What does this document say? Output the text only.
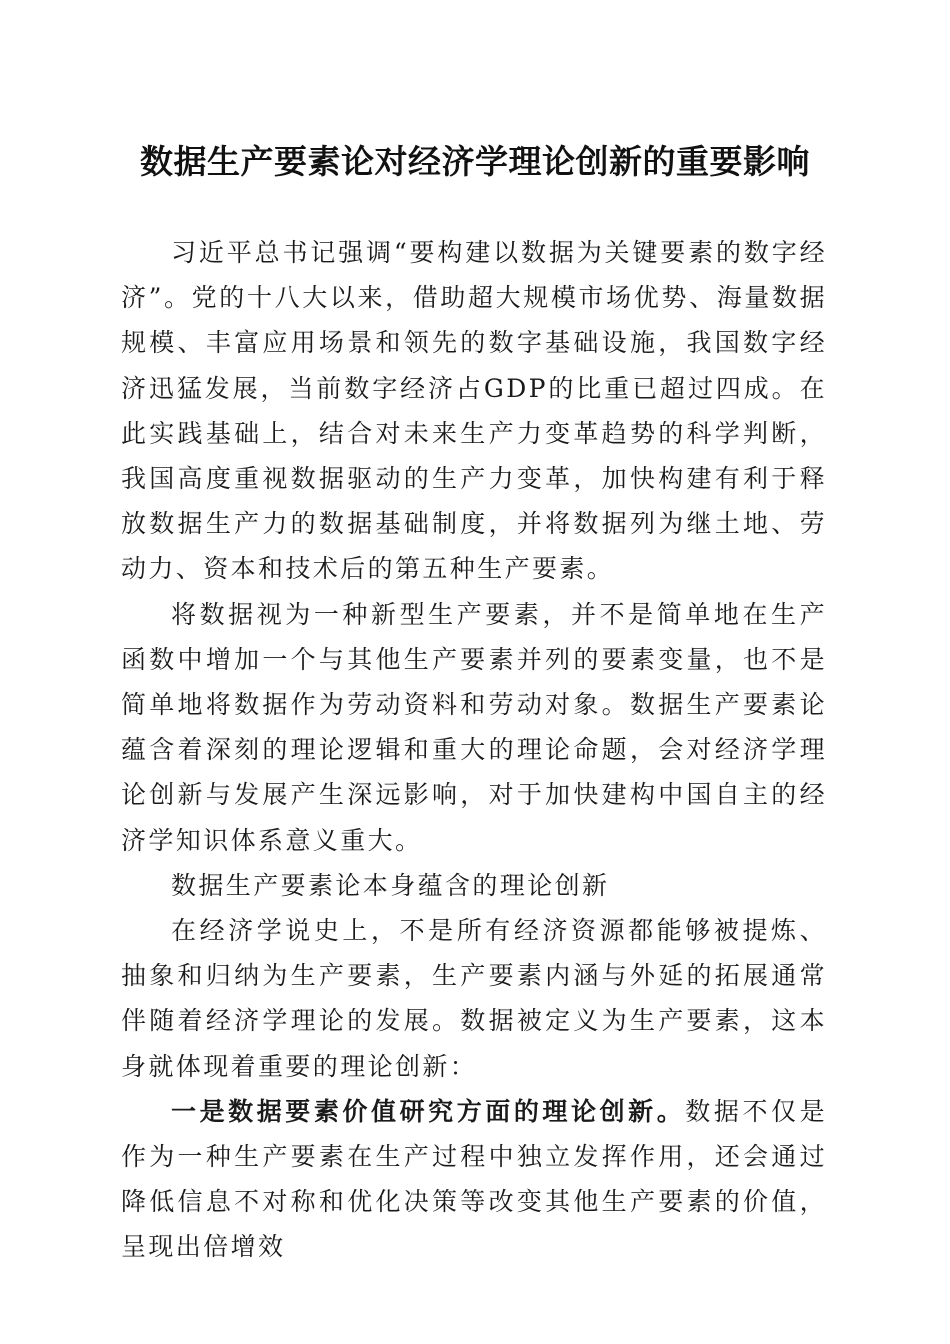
数据生产要素论对经济学理论创新的重要影响

习近平总书记强调“要构建以数据为关键要素的数字经济”。党的十八大以来，借助超大规模市场优势、海量数据规模、丰富应用场景和领先的数字基础设施，我国数字经济迅猛发展，当前数字经济占GDP的比重已超过四成。在此实践基础上，结合对未来生产力变革趋势的科学判断，我国高度重视数据驱动的生产力变革，加快构建有利于释放数据生产力的数据基础制度，并将数据列为继土地、劳动力、资本和技术后的第五种生产要素。

将数据视为一种新型生产要素，并不是简单地在生产函数中增加一个与其他生产要素并列的要素变量，也不是简单地将数据作为劳动资料和劳动对象。数据生产要素论蕴含着深刻的理论逻辑和重大的理论命题，会对经济学理论创新与发展产生深远影响，对于加快建构中国自主的经济学知识体系意义重大。

数据生产要素论本身蕴含的理论创新

在经济学说史上，不是所有经济资源都能够被提炼、抽象和归纳为生产要素，生产要素内涵与外延的拓展通常伴随着经济学理论的发展。数据被定义为生产要素，这本身就体现着重要的理论创新：

一是数据要素价值研究方面的理论创新。数据不仅是作为一种生产要素在生产过程中独立发挥作用，还会通过降低信息不对称和优化决策等改变其他生产要素的价值，呈现出倍增效
